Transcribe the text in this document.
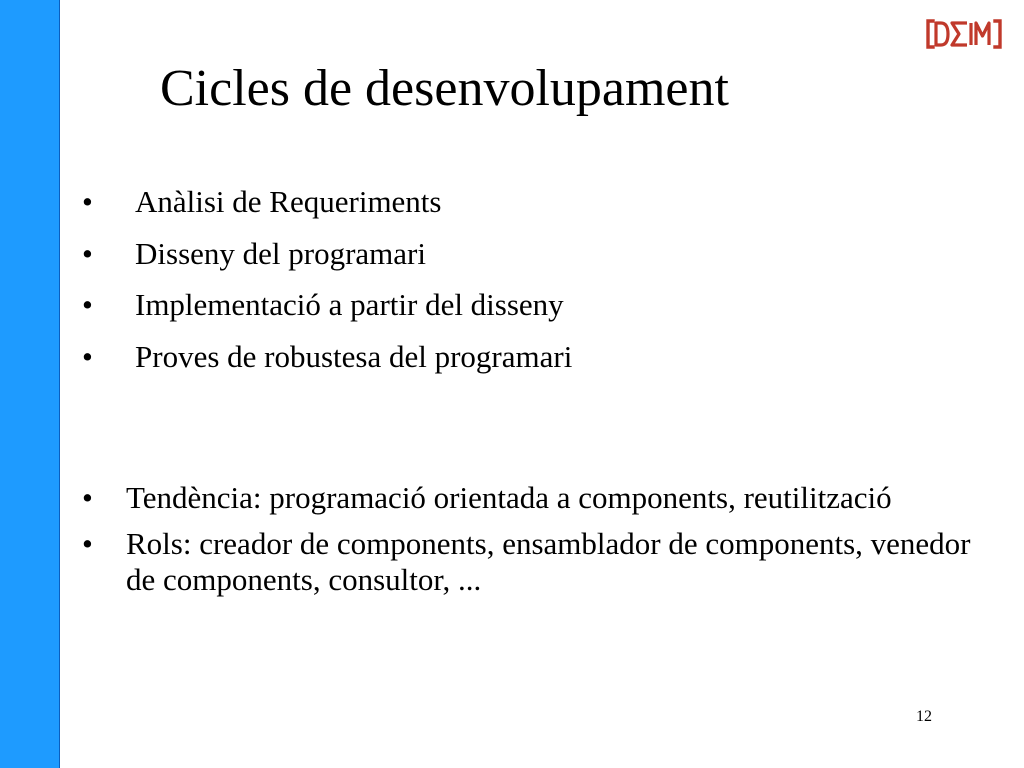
Cicles de desenvolupament
• Anàlisi de Requeriments
• Disseny del programari
• Implementació a partir del disseny
• Proves de robustesa del programari
• Tendència: programació orientada a components, reutilització
• Rols: creador de components, ensamblador de components, venedor de components, consultor, ...
12
